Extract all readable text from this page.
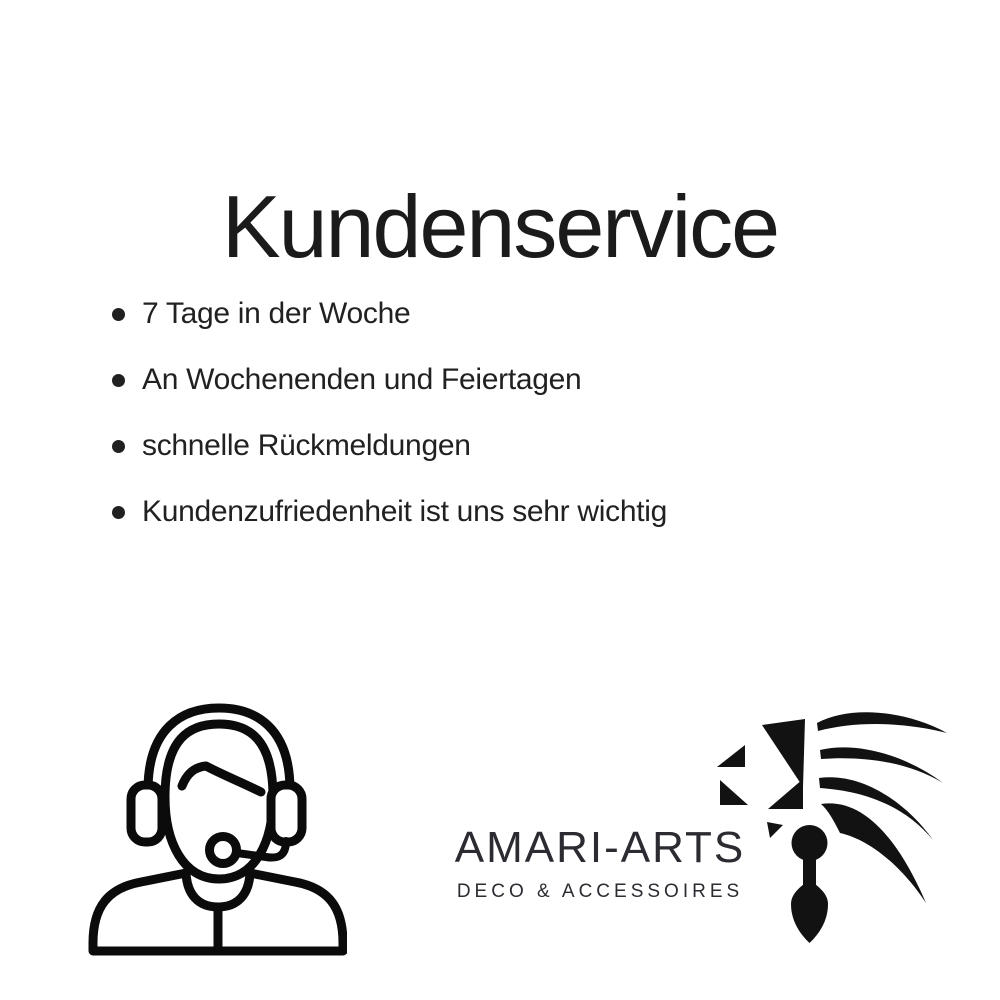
Kundenservice
7 Tage in der Woche
An Wochenenden und Feiertagen
schnelle Rückmeldungen
Kundenzufriedenheit ist uns sehr wichtig
AMARI-ARTS
DECO & ACCESSOIRES
